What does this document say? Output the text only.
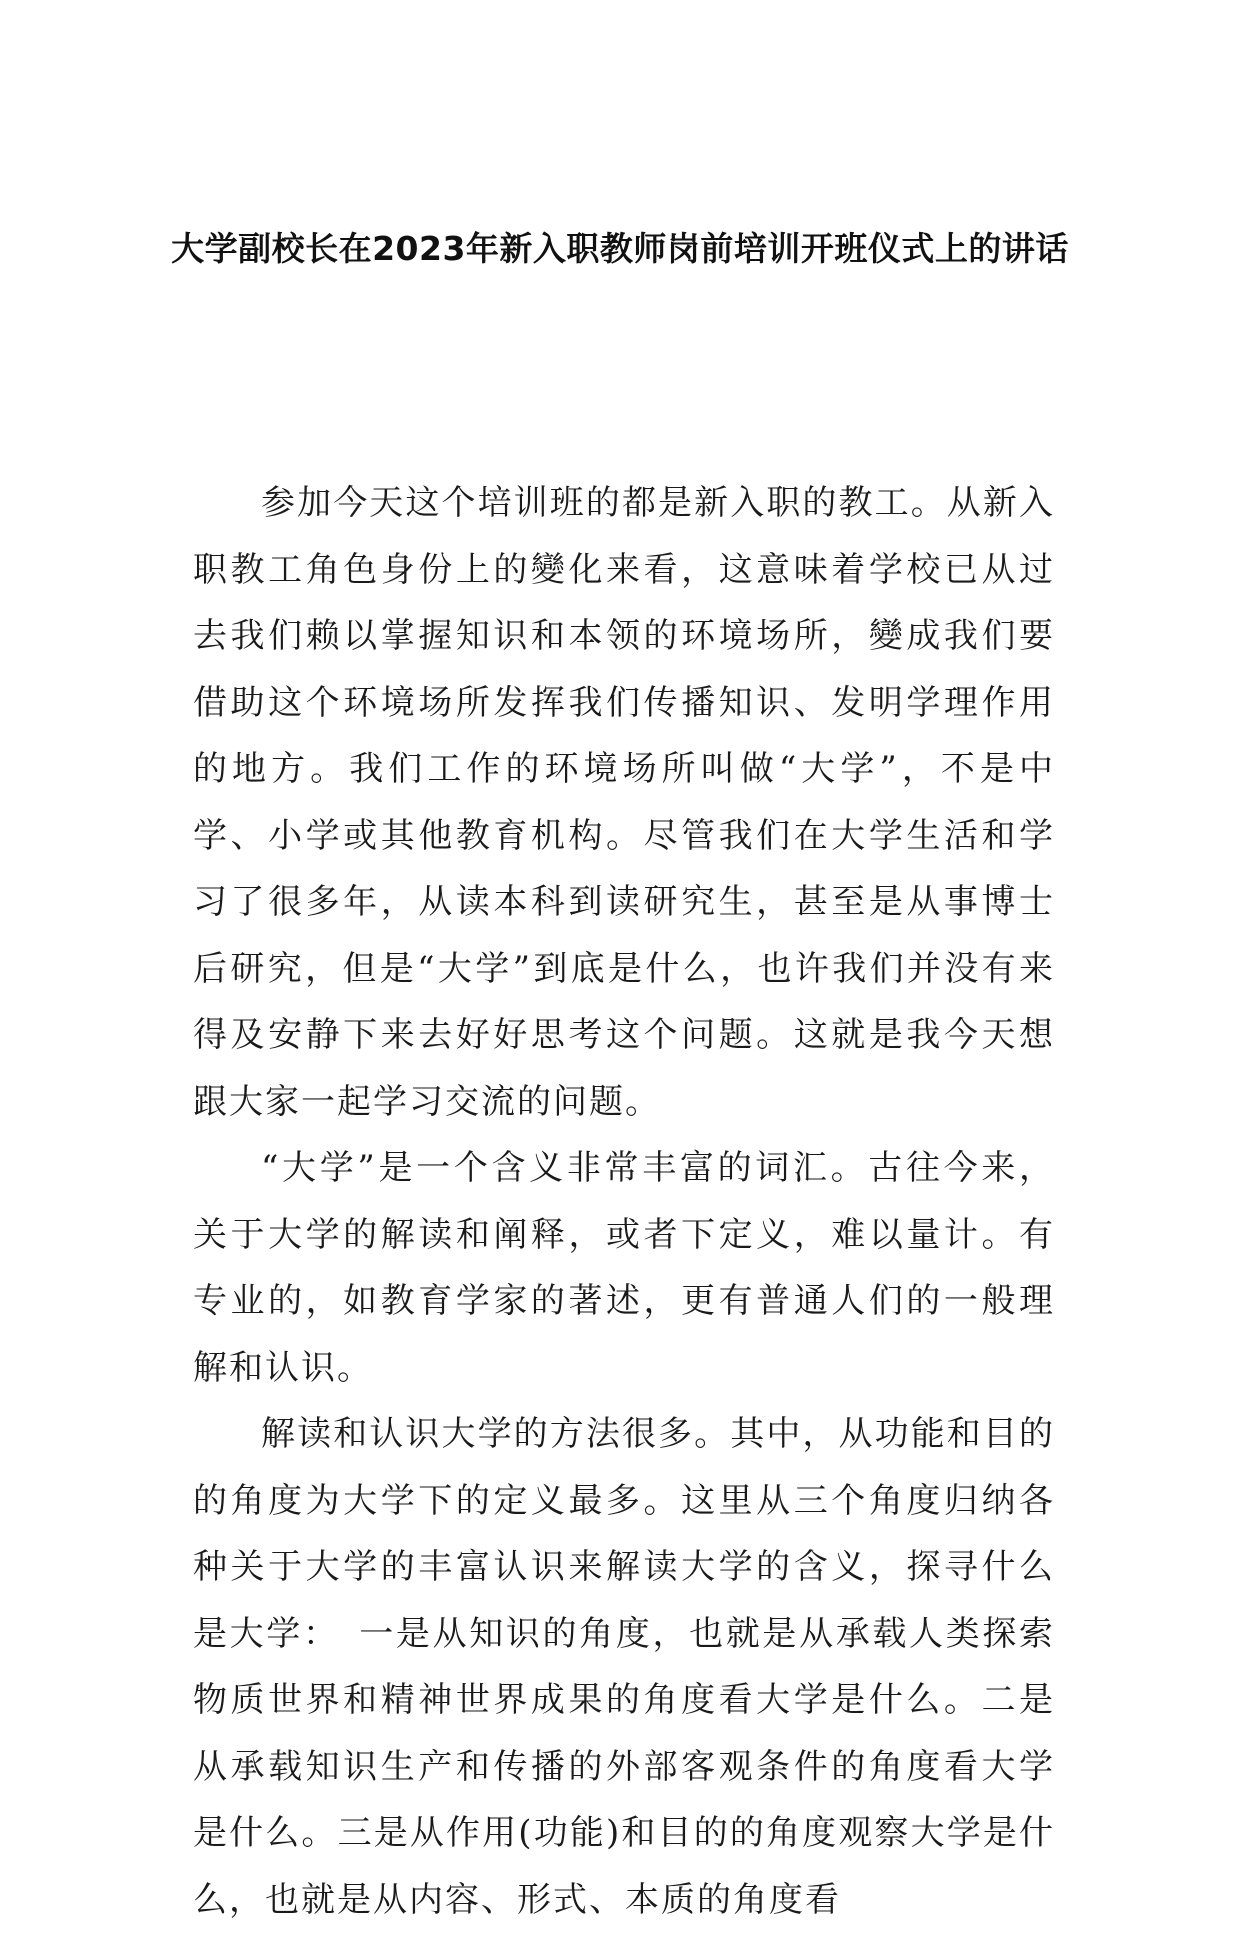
大学副校长在2023年新入职教师岗前培训开班仪式上的讲话

参加今天这个培训班的都是新入职的教工。从新入职教工角色身份上的變化来看，这意味着学校已从过去我们赖以掌握知识和本领的环境场所，變成我们要借助这个环境场所发挥我们传播知识、发明学理作用的地方。我们工作的环境场所叫做“大学”，不是中学、小学或其他教育机构。尽管我们在大学生活和学习了很多年，从读本科到读研究生，甚至是从事博士后研究，但是“大学”到底是什么，也许我们并没有来得及安静下来去好好思考这个问题。这就是我今天想跟大家一起学习交流的问题。

“大学”是一个含义非常丰富的词汇。古往今来，关于大学的解读和阐释，或者下定义，难以量计。有专业的，如教育学家的著述，更有普通人们的一般理解和认识。

解读和认识大学的方法很多。其中，从功能和目的的角度为大学下的定义最多。这里从三个角度归纳各种关于大学的丰富认识来解读大学的含义，探寻什么是大学：　一是从知识的角度，也就是从承载人类探索物质世界和精神世界成果的角度看大学是什么。二是从承载知识生产和传播的外部客观条件的角度看大学是什么。三是从作用(功能)和目的的角度观察大学是什么，也就是从内容、形式、本质的角度看
